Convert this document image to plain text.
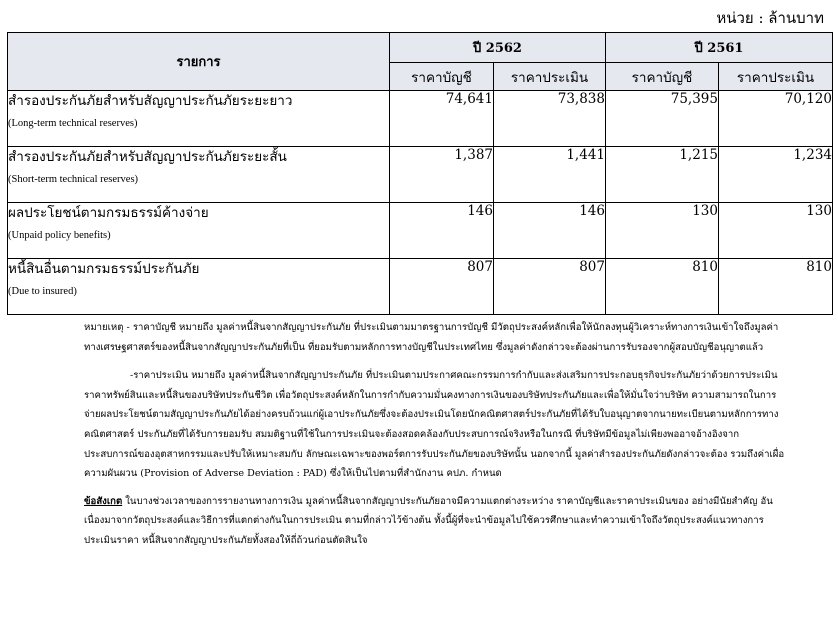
หน่วย : ล้านบาท
รายการ	ปี 2562		ปี 2561	
	ราคาบัญชี	ราคาประเมิน	ราคาบัญชี	ราคาประเมิน

สำรองประกันภัยสำหรับสัญญาประกันภัยระยะยาว
(Long-term technical reserves)	74,641	73,838	75,395	70,120

สำรองประกันภัยสำหรับสัญญาประกันภัยระยะสั้น
(Short-term technical reserves)	1,387	1,441	1,215	1,234

ผลประโยชน์ตามกรมธรรม์ค้างจ่าย
(Unpaid policy benefits)	146	146	130	130

หนี้สินอื่นตามกรมธรรม์ประกันภัย
(Due to insured)	807	807	810	810

หมายเหตุ - ราคาบัญชี หมายถึง มูลค่าหนี้สินจากสัญญาประกันภัย ที่ประเมินตามมาตรฐานการบัญชี มีวัตถุประสงค์หลักเพื่อให้นักลงทุนผู้วิเคราะห์ทางการเงินเข้าใจถึงมูลค่าทางเศรษฐศาสตร์ของหนี้สินจากสัญญาประกันภัยที่เป็น ที่ยอมรับตามหลักการทางบัญชีในประเทศไทย ซึ่งมูลค่าดังกล่าวจะต้องผ่านการรับรองจากผู้สอบบัญชีอนุญาตแล้ว

-ราคาประเมิน หมายถึง มูลค่าหนี้สินจากสัญญาประกันภัย ที่ประเมินตามประกาศคณะกรรมการกำกับและส่งเสริมการประกอบธุรกิจประกันภัยว่าด้วยการประเมินราคาทรัพย์สินและหนี้สินของบริษัทประกันชีวิต เพื่อวัตถุประสงค์หลักในการกำกับความมั่นคงทางการเงินของบริษัทประกันภัยและเพื่อให้มั่นใจว่าบริษัท ความสามารถในการจ่ายผลประโยชน์ตามสัญญาประกันภัยได้อย่างครบถ้วนแก่ผู้เอาประกันภัยซึ่งจะต้องประเมินโดยนักคณิตศาสตร์ประกันภัยที่ได้รับใบอนุญาตจากนายทะเบียนตามหลักการทางคณิตศาสตร์ ประกันภัยที่ได้รับการยอมรับ สมมติฐานที่ใช้ในการประเมินจะต้องสอดคล้องกับประสบการณ์จริงหรือในกรณี ที่บริษัทมีข้อมูลไม่เพียงพออาจอ้างอิงจากประสบการณ์ของอุตสาหกรรมและปรับให้เหมาะสมกับ ลักษณะเฉพาะของพอร์ตการรับประกันภัยของบริษัทนั้น นอกจากนี้ มูลค่าสำรองประกันภัยดังกล่าวจะต้อง รวมถึงค่าเผื่อความผันผวน (Provision of Adverse Deviation : PAD) ซึ่งให้เป็นไปตามที่สำนักงาน คปภ. กำหนด

ข้อสังเกต ในบางช่วงเวลาของการรายงานทางการเงิน มูลค่าหนี้สินจากสัญญาประกันภัยอาจมีความแตกต่างระหว่าง ราคาบัญชีและราคาประเมินของ อย่างมีนัยสำคัญ อันเนื่องมาจากวัตถุประสงค์และวิธีการที่แตกต่างกันในการประเมิน ตามที่กล่าวไว้ข้างต้น ทั้งนี้ผู้ที่จะนำข้อมูลไปใช้ควรศึกษาและทำความเข้าใจถึงวัตถุประสงค์แนวทางการประเมินราคา หนี้สินจากสัญญาประกันภัยทั้งสองให้ถี่ถ้วนก่อนตัดสินใจ
